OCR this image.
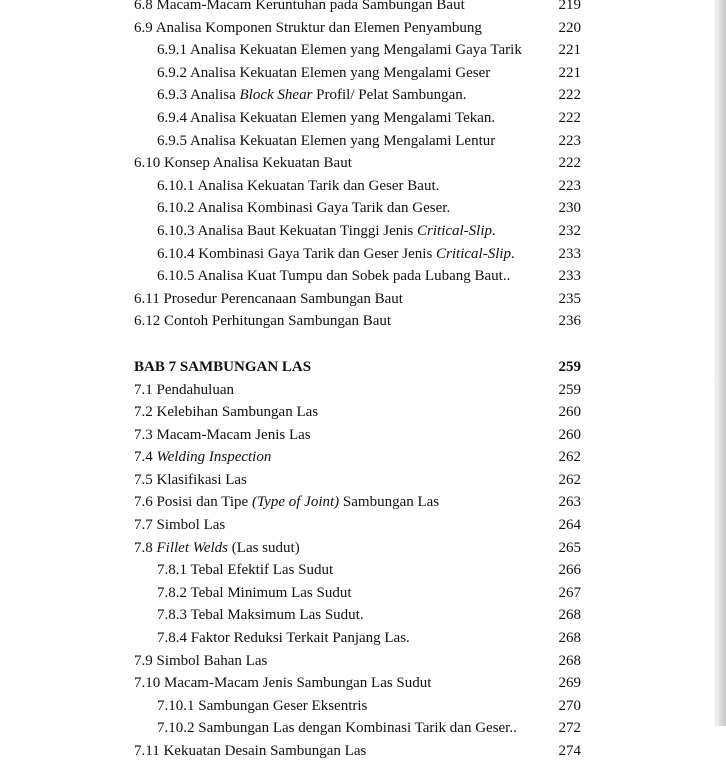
6.8 Macam-Macam Keruntuhan pada Sambungan Baut	219
6.9 Analisa Komponen Struktur dan Elemen Penyambung	220
6.9.1 Analisa Kekuatan Elemen yang Mengalami Gaya Tarik 221
6.9.2 Analisa Kekuatan Elemen yang Mengalami Geser	221
6.9.3 Analisa Block Shear Profil/ Pelat Sambungan.	222
6.9.4 Analisa Kekuatan Elemen yang Mengalami Tekan.	222
6.9.5 Analisa Kekuatan Elemen yang Mengalami Lentur	223
6.10 Konsep Analisa Kekuatan Baut	222
6.10.1 Analisa Kekuatan Tarik dan Geser Baut.	223
6.10.2 Analisa Kombinasi Gaya Tarik dan Geser.	230
6.10.3 Analisa Baut Kekuatan Tinggi Jenis Critical-Slip.	232
6.10.4 Kombinasi Gaya Tarik dan Geser Jenis Critical-Slip.	233
6.10.5 Analisa Kuat Tumpu dan Sobek pada Lubang Baut..	233
6.11 Prosedur Perencanaan Sambungan Baut	235
6.12 Contoh Perhitungan Sambungan Baut	236
BAB 7 SAMBUNGAN LAS	259
7.1 Pendahuluan	259
7.2 Kelebihan Sambungan Las	260
7.3 Macam-Macam Jenis Las	260
7.4 Welding Inspection	262
7.5 Klasifikasi Las	262
7.6 Posisi dan Tipe (Type of Joint) Sambungan Las	263
7.7 Simbol Las	264
7.8 Fillet Welds (Las sudut)	265
7.8.1 Tebal Efektif Las Sudut	266
7.8.2 Tebal Minimum Las Sudut	267
7.8.3 Tebal Maksimum Las Sudut.	268
7.8.4 Faktor Reduksi Terkait Panjang Las.	268
7.9 Simbol Bahan Las	268
7.10 Macam-Macam Jenis Sambungan Las Sudut	269
7.10.1 Sambungan Geser Eksentris	270
7.10.2 Sambungan Las dengan Kombinasi Tarik dan Geser..	272
7.11 Kekuatan Desain Sambungan Las	274
